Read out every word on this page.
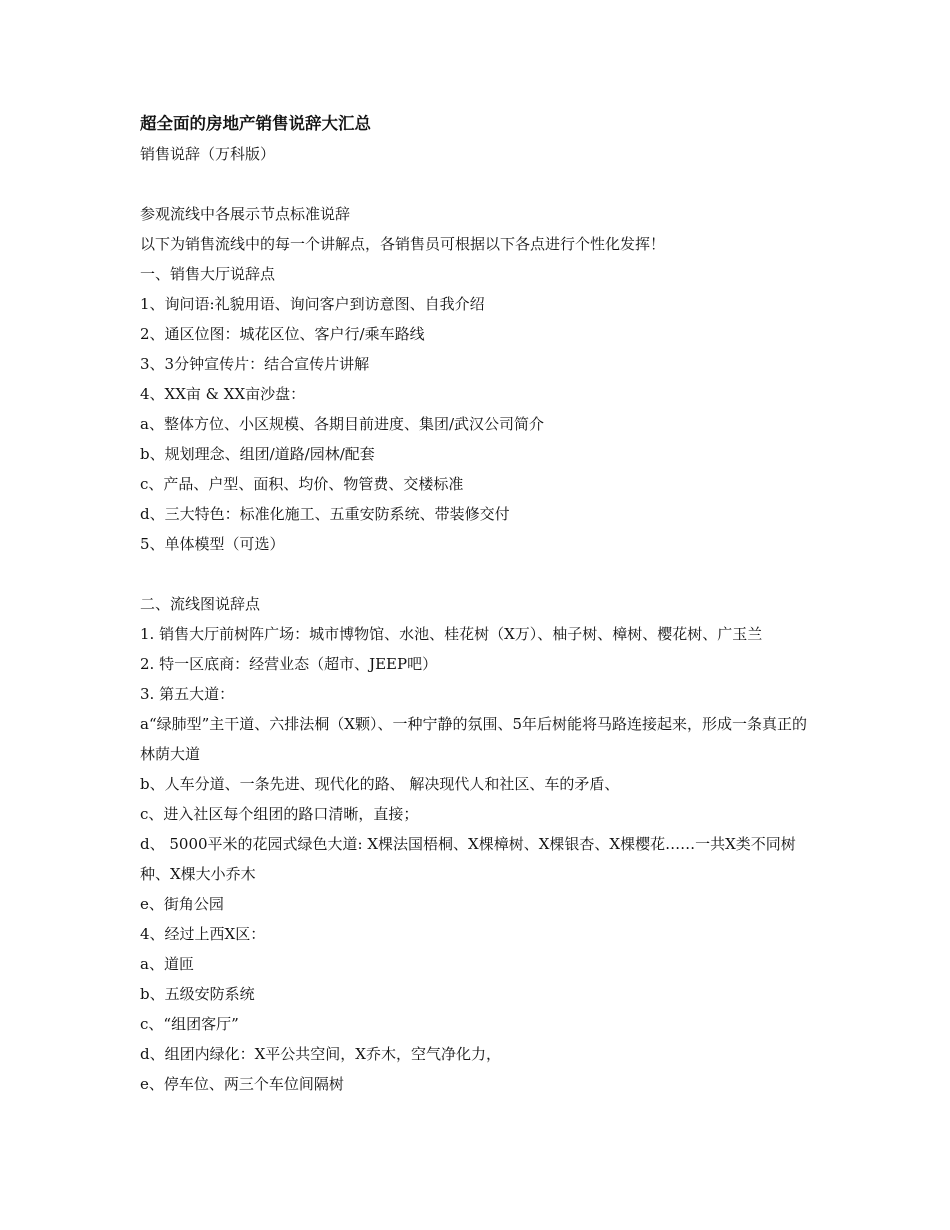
超全面的房地产销售说辞大汇总

销售说辞（万科版）

参观流线中各展示节点标准说辞

以下为销售流线中的每一个讲解点，各销售员可根据以下各点进行个性化发挥！

一、销售大厅说辞点

1、询问语:礼貌用语、询问客户到访意图、自我介绍

2、通区位图：城花区位、客户行/乘车路线

3、3分钟宣传片：结合宣传片讲解

4、XX亩 & XX亩沙盘：

a、整体方位、小区规模、各期目前进度、集团/武汉公司简介

b、规划理念、组团/道路/园林/配套

c、产品、户型、面积、均价、物管费、交楼标准

d、三大特色：标准化施工、五重安防系统、带装修交付

5、单体模型（可选）

二、流线图说辞点

1. 销售大厅前树阵广场：城市博物馆、水池、桂花树（X万）、柚子树、樟树、樱花树、广玉兰

2. 特一区底商：经营业态（超市、JEEP吧）

3. 第五大道：

a“绿肺型”主干道、六排法桐（X颗）、一种宁静的氛围、5年后树能将马路连接起来，形成一条真正的林荫大道

b、人车分道、一条先进、现代化的路、 解决现代人和社区、车的矛盾、

c、进入社区每个组团的路口清晰，直接；

d、 5000平米的花园式绿色大道: X棵法国梧桐、X棵樟树、X棵银杏、X棵樱花……一共X类不同树种、X棵大小乔木

e、街角公园

4、经过上西X区：

a、道匝

b、五级安防系统

c、“组团客厅”

d、组团内绿化：X平公共空间，X乔木，空气净化力，

e、停车位、两三个车位间隔树
